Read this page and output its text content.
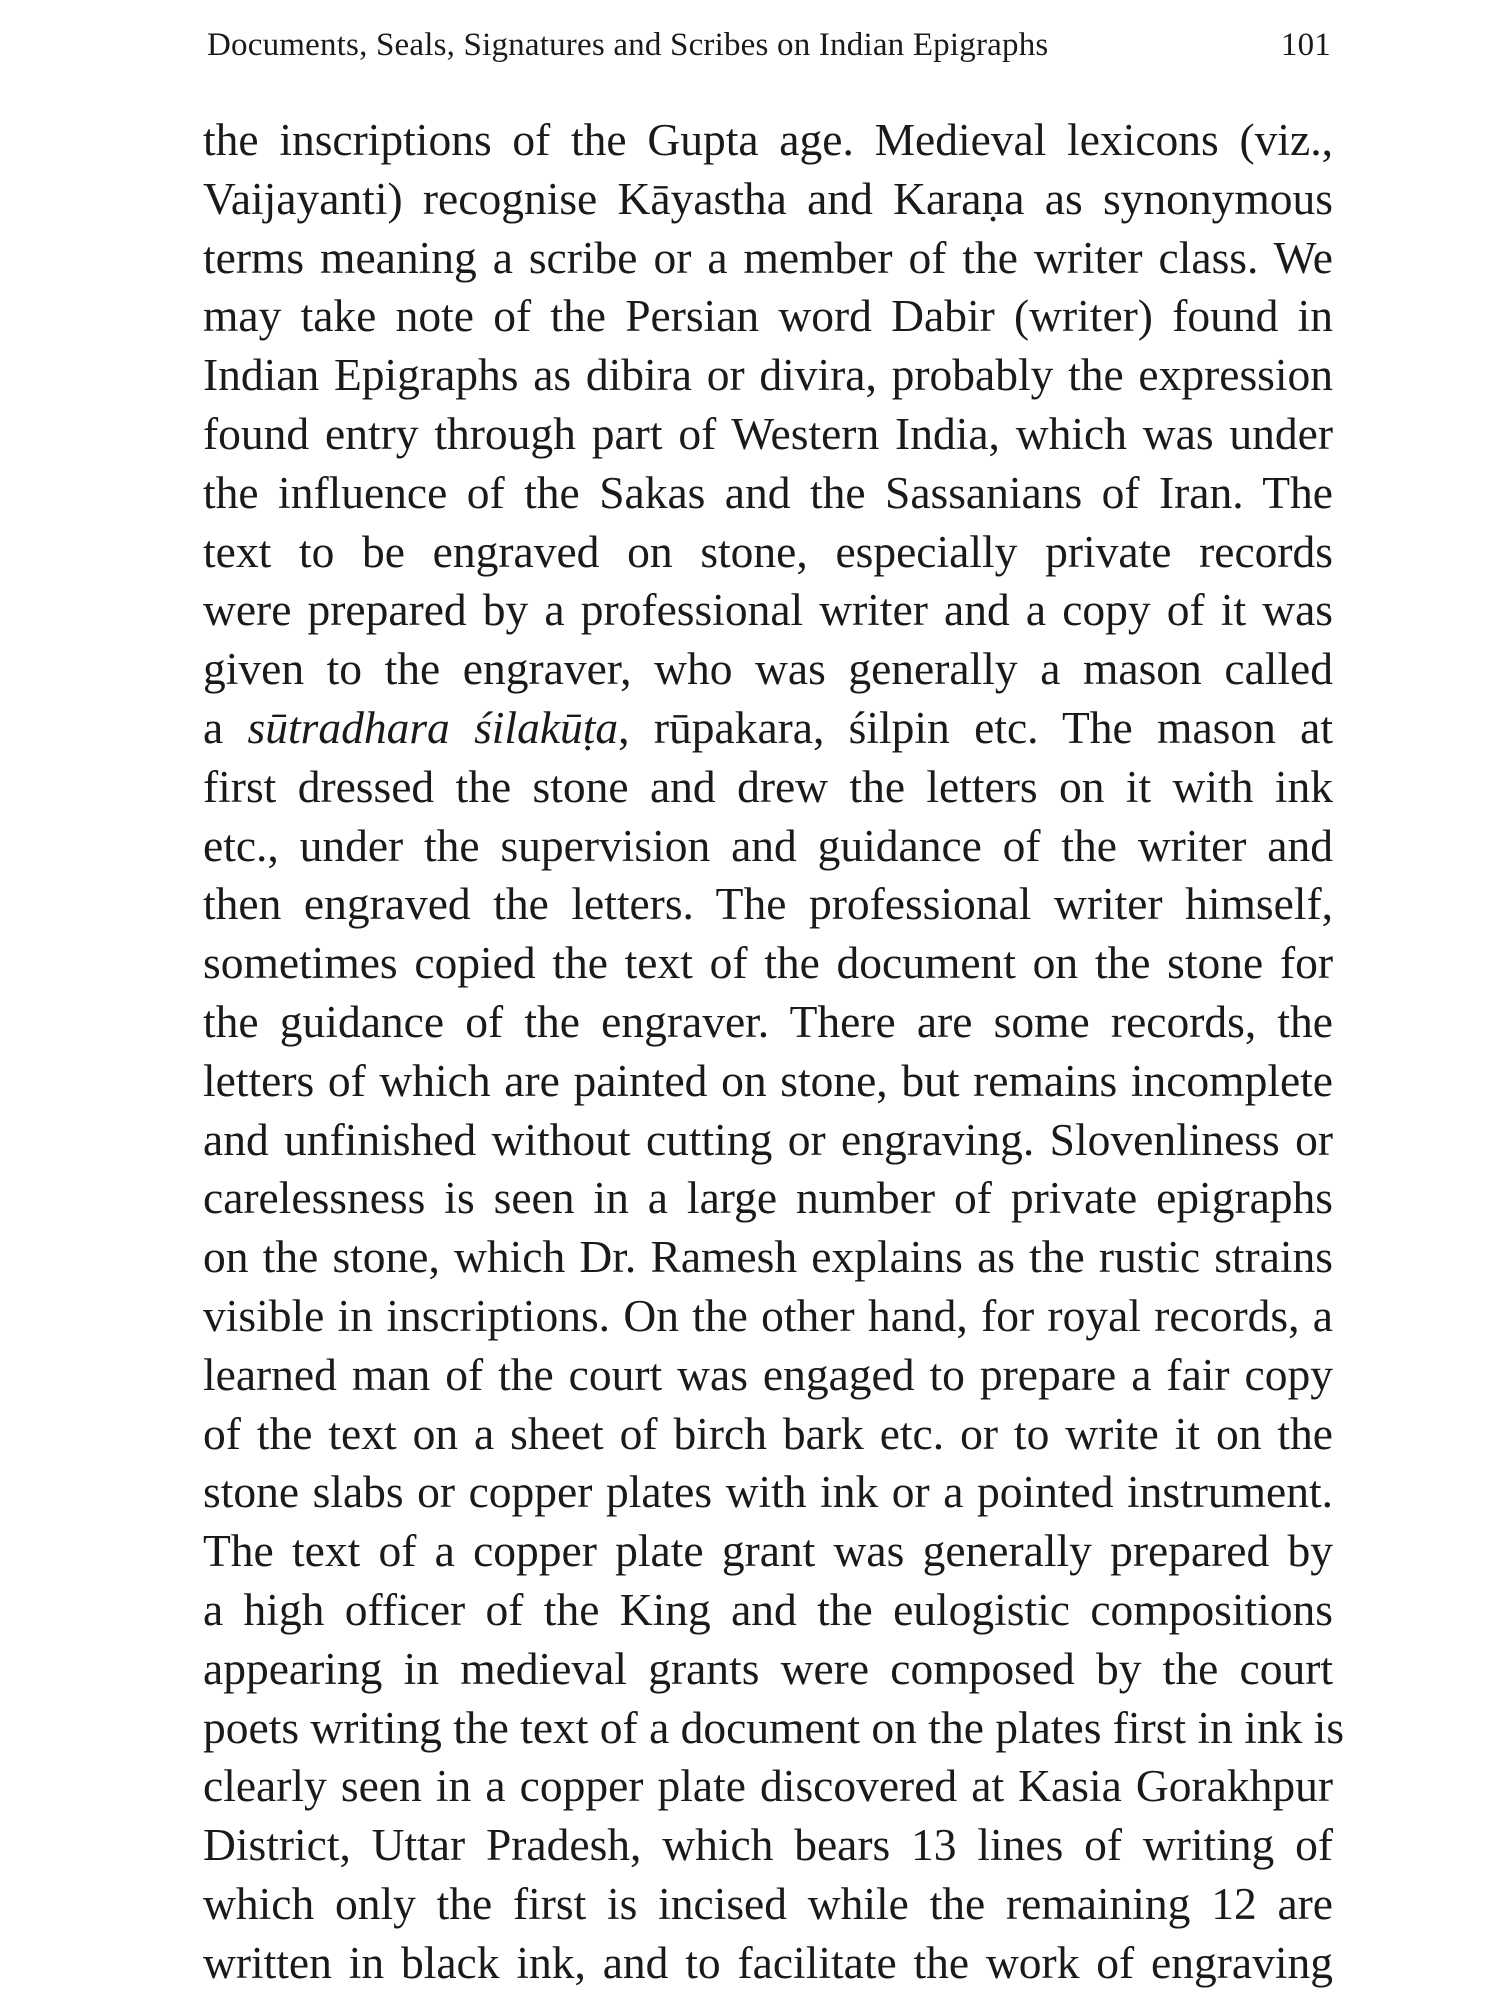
Documents, Seals, Signatures and Scribes on Indian Epigraphs	101
the inscriptions of the Gupta age. Medieval lexicons (viz.,
Vaijayanti) recognise Kāyastha and Karaṇa as synonymous
terms meaning a scribe or a member of the writer class. We
may take note of the Persian word Dabir (writer) found in
Indian Epigraphs as dibira or divira, probably the expression
found entry through part of Western India, which was under
the influence of the Sakas and the Sassanians of Iran. The
text to be engraved on stone, especially private records
were prepared by a professional writer and a copy of it was
given to the engraver, who was generally a mason called
a sūtradhara śilakūṭa, rūpakara, śilpin etc. The mason at
first dressed the stone and drew the letters on it with ink
etc., under the supervision and guidance of the writer and
then engraved the letters. The professional writer himself,
sometimes copied the text of the document on the stone for
the guidance of the engraver. There are some records, the
letters of which are painted on stone, but remains incomplete
and unfinished without cutting or engraving. Slovenliness or
carelessness is seen in a large number of private epigraphs
on the stone, which Dr. Ramesh explains as the rustic strains
visible in inscriptions. On the other hand, for royal records, a
learned man of the court was engaged to prepare a fair copy
of the text on a sheet of birch bark etc. or to write it on the
stone slabs or copper plates with ink or a pointed instrument.
The text of a copper plate grant was generally prepared by
a high officer of the King and the eulogistic compositions
appearing in medieval grants were composed by the court
poets writing the text of a document on the plates first in ink is
clearly seen in a copper plate discovered at Kasia Gorakhpur
District, Uttar Pradesh, which bears 13 lines of writing of
which only the first is incised while the remaining 12 are
written in black ink, and to facilitate the work of engraving
